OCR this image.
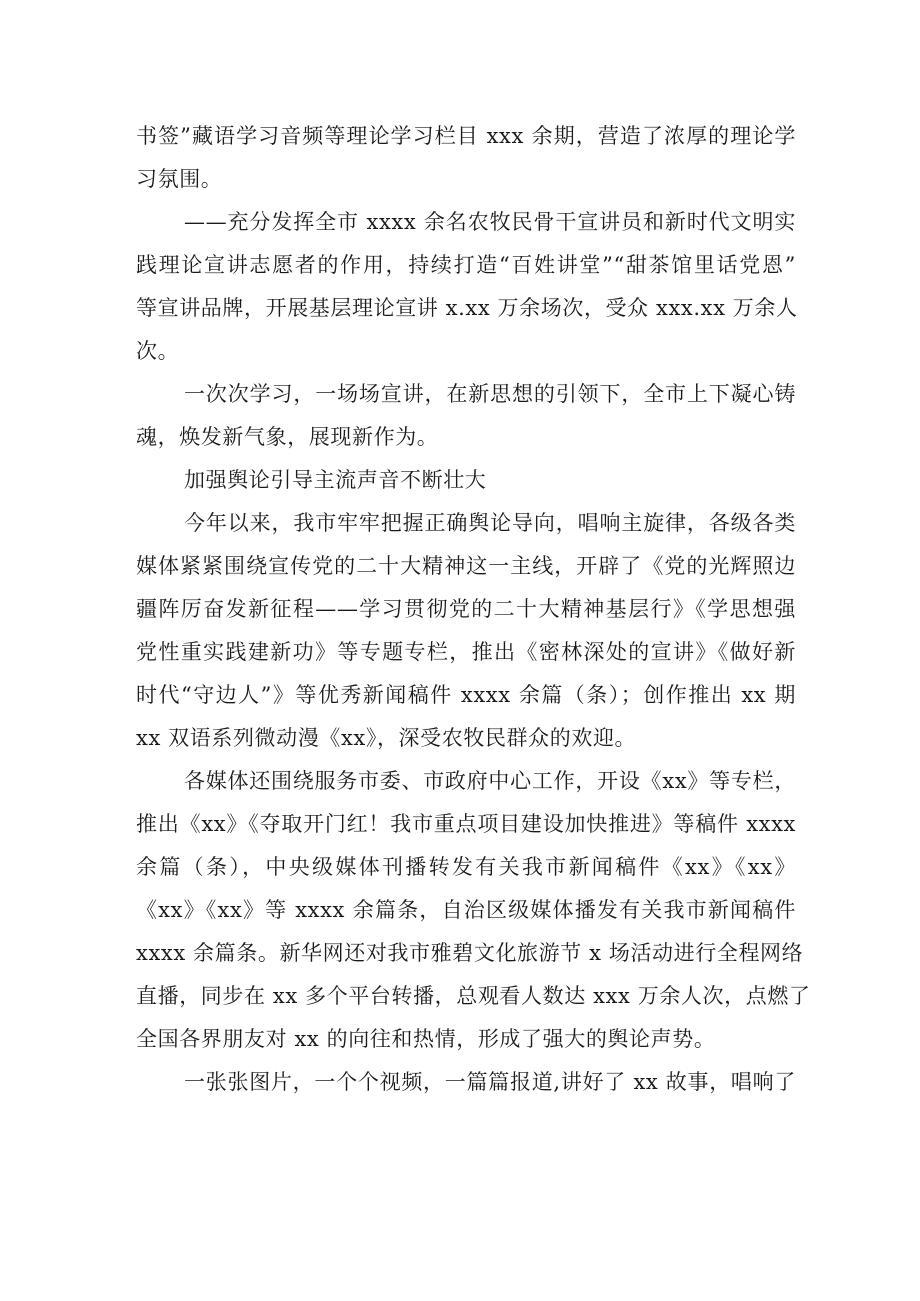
书签”藏语学习音频等理论学习栏目 xxx 余期，营造了浓厚的理论学
习氛围。
——充分发挥全市 xxxx 余名农牧民骨干宣讲员和新时代文明实
践理论宣讲志愿者的作用，持续打造“百姓讲堂”“甜茶馆里话党恩”
等宣讲品牌，开展基层理论宣讲 x.xx 万余场次，受众 xxx.xx 万余人
次。
一次次学习，一场场宣讲，在新思想的引领下，全市上下凝心铸
魂，焕发新气象，展现新作为。
加强舆论引导主流声音不断壮大
今年以来，我市牢牢把握正确舆论导向，唱响主旋律，各级各类
媒体紧紧围绕宣传党的二十大精神这一主线，开辟了《党的光辉照边
疆阵厉奋发新征程——学习贯彻党的二十大精神基层行》《学思想强
党性重实践建新功》等专题专栏，推出《密林深处的宣讲》《做好新
时代“守边人”》等优秀新闻稿件 xxxx 余篇（条）；创作推出 xx 期
xx 双语系列微动漫《xx》，深受农牧民群众的欢迎。
各媒体还围绕服务市委、市政府中心工作，开设《xx》等专栏，
推出《xx》《夺取开门红！我市重点项目建设加快推进》等稿件 xxxx
余篇（条），中央级媒体刊播转发有关我市新闻稿件《xx》《xx》
《xx》《xx》等 xxxx 余篇条，自治区级媒体播发有关我市新闻稿件
xxxx 余篇条。新华网还对我市雅碧文化旅游节 x 场活动进行全程网络
直播，同步在 xx 多个平台转播，总观看人数达 xxx 万余人次，点燃了
全国各界朋友对 xx 的向往和热情，形成了强大的舆论声势。
一张张图片，一个个视频，一篇篇报道,讲好了 xx 故事，唱响了
